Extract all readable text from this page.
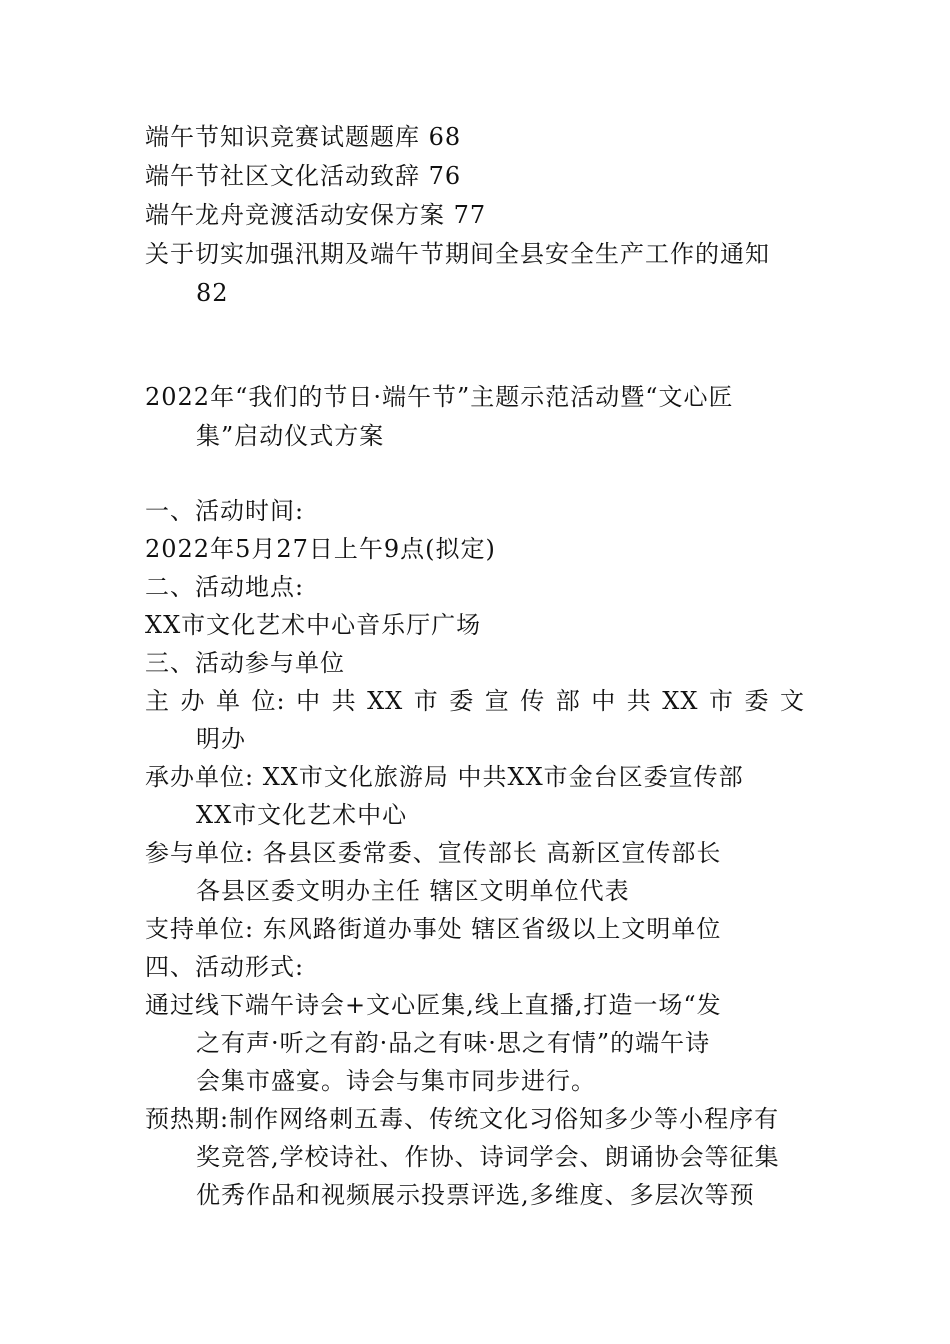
端午节知识竞赛试题题库 68
端午节社区文化活动致辞 76
端午龙舟竞渡活动安保方案 77
关于切实加强汛期及端午节期间全县安全生产工作的通知
82
2022年“我们的节日·端午节”主题示范活动暨“文心匠
集”启动仪式方案
一、活动时间:
2022年5月27日上午9点(拟定)
二、活动地点:
XX市文化艺术中心音乐厅广场
三、活动参与单位
主 办 单 位: 中 共 XX 市 委 宣 传 部 中 共 XX 市 委 文
明办
承办单位: XX市文化旅游局 中共XX市金台区委宣传部
XX市文化艺术中心
参与单位: 各县区委常委、宣传部长 高新区宣传部长
各县区委文明办主任 辖区文明单位代表
支持单位: 东风路街道办事处 辖区省级以上文明单位
四、活动形式:
通过线下端午诗会+文心匠集,线上直播,打造一场“发
之有声·听之有韵·品之有味·思之有情”的端午诗
会集市盛宴。诗会与集市同步进行。
预热期:制作网络刺五毒、传统文化习俗知多少等小程序有
奖竞答,学校诗社、作协、诗词学会、朗诵协会等征集
优秀作品和视频展示投票评选,多维度、多层次等预
